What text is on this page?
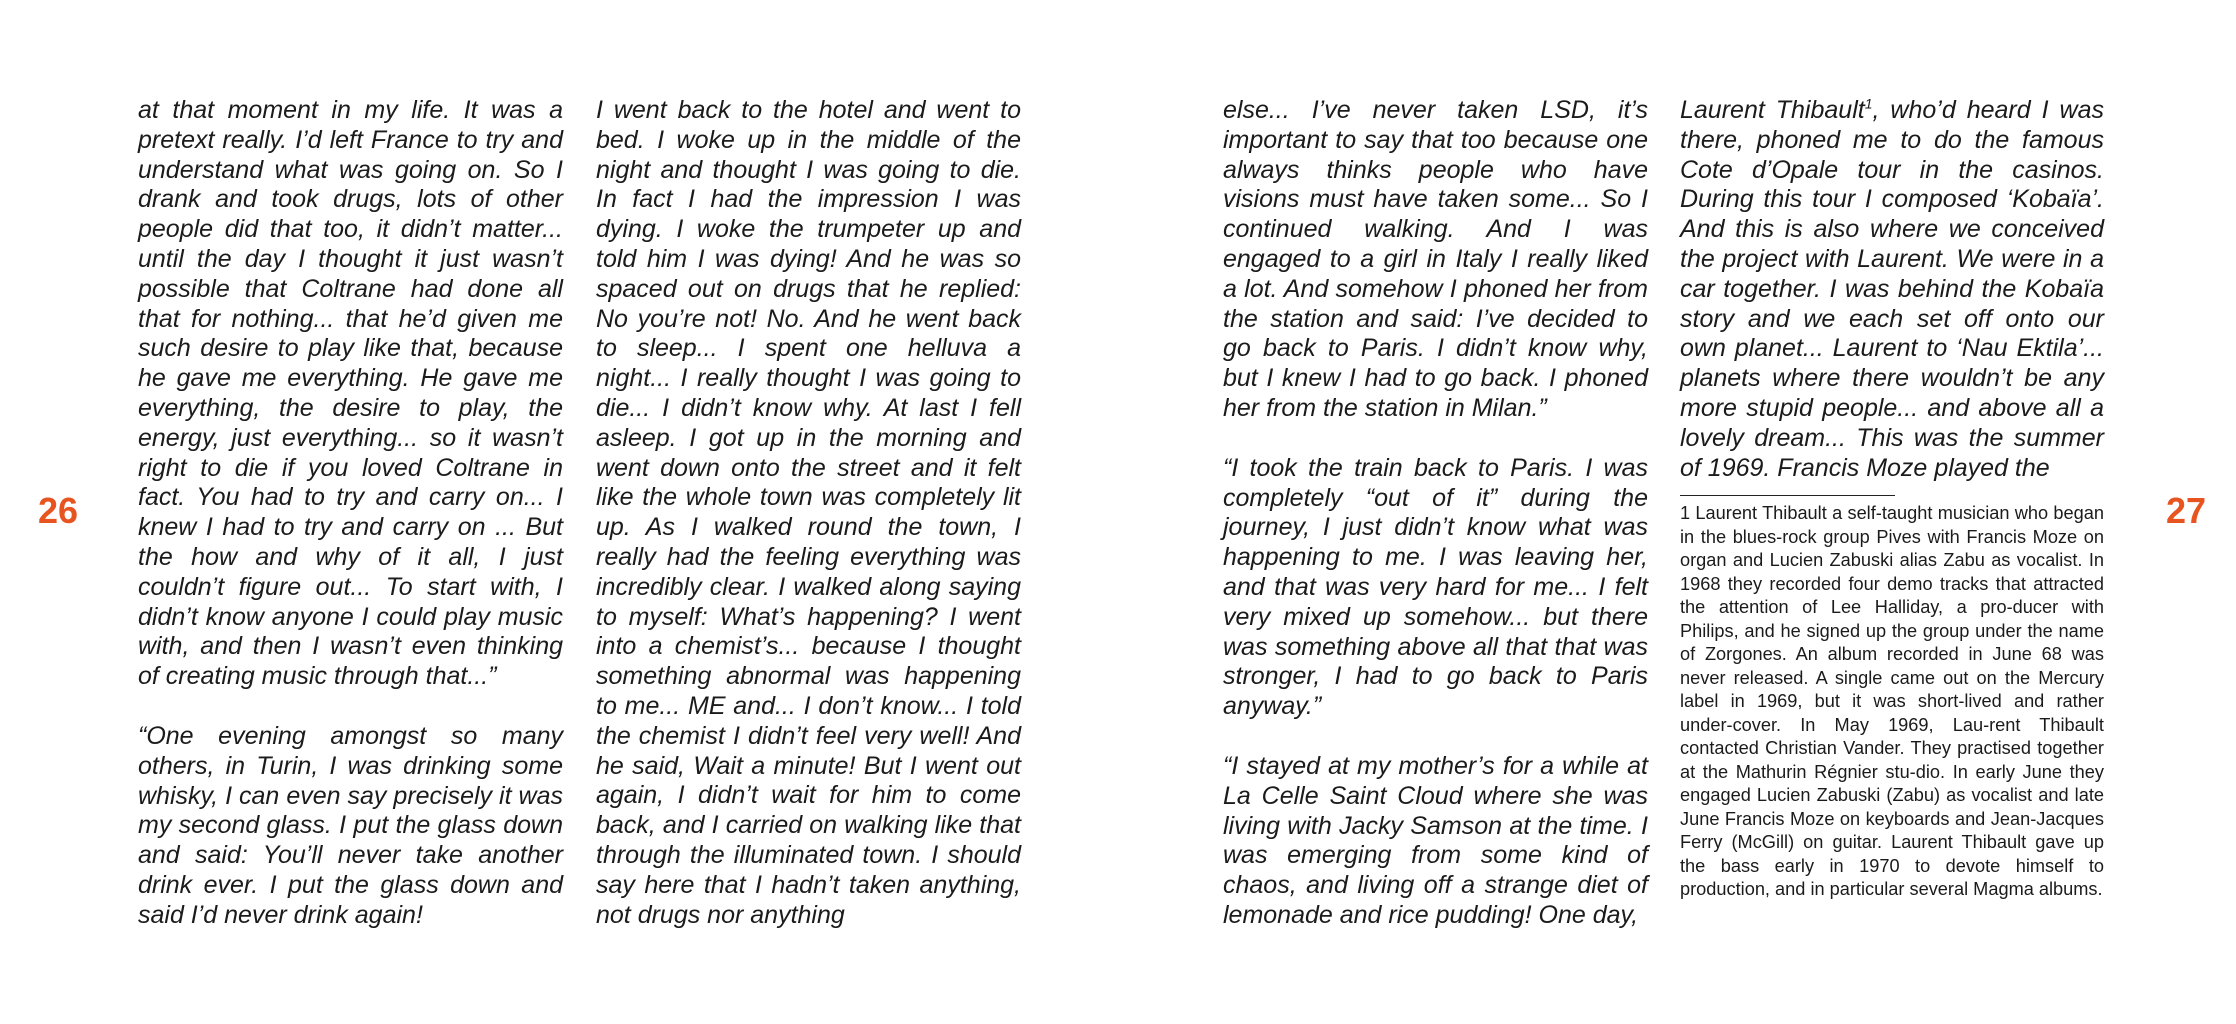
26	27

at that moment in my life. It was a pretext really. I’d left France to try and understand what was going on. So I drank and took drugs, lots of other people did that too, it didn’t matter... until the day I thought it just wasn’t possible that Coltrane had done all that for nothing... that he’d given me such desire to play like that, because he gave me everything. He gave me everything, the desire to play, the energy, just everything... so it wasn’t right to die if you loved Coltrane in fact. You had to try and carry on... I knew I had to try and carry on ... But the how and why of it all, I just couldn’t figure out... To start with, I didn’t know anyone I could play music with, and then I wasn’t even thinking of creating music through that...”

“One evening amongst so many others, in Turin, I was drinking some whisky, I can even say precisely it was my second glass. I put the glass down and said: You’ll never take another drink ever. I put the glass down and said I’d never drink again!

I went back to the hotel and went to bed. I woke up in the middle of the night and thought I was going to die. In fact I had the impression I was dying. I woke the trumpeter up and told him I was dying! And he was so spaced out on drugs that he replied: No you’re not! No. And he went back to sleep... I spent one helluva a night... I really thought I was going to die... I didn’t know why. At last I fell asleep. I got up in the morning and went down onto the street and it felt like the whole town was completely lit up. As I walked round the town, I really had the feeling everything was incredibly clear. I walked along saying to myself: What’s happening? I went into a chemist’s... because I thought something abnormal was happening to me... ME and... I don’t know... I told the chemist I didn’t feel very well! And he said, Wait a minute! But I went out again, I didn’t wait for him to come back, and I carried on walking like that through the illuminated town. I should say here that I hadn’t taken anything, not drugs nor anything

else... I’ve never taken LSD, it’s important to say that too because one always thinks people who have visions must have taken some... So I continued walking. And I was engaged to a girl in Italy I really liked a lot. And somehow I phoned her from the station and said: I’ve decided to go back to Paris. I didn’t know why, but I knew I had to go back. I phoned her from the station in Milan.”

“I took the train back to Paris. I was completely “out of it” during the journey, I just didn’t know what was happening to me. I was leaving her, and that was very hard for me... I felt very mixed up somehow... but there was something above all that that was stronger, I had to go back to Paris anyway.”

“I stayed at my mother’s for a while at La Celle Saint Cloud where she was living with Jacky Samson at the time. I was emerging from some kind of chaos, and living off a strange diet of lemonade and rice pudding! One day,

Laurent Thibault$^1$, who’d heard I was there, phoned me to do the famous Cote d’Opale tour in the casinos. During this tour I composed ‘Kobaïa’. And this is also where we conceived the project with Laurent. We were in a car together. I was behind the Kobaïa story and we each set off onto our own planet... Laurent to ‘Nau Ektila’... planets where there wouldn’t be any more stupid people... and above all a lovely dream... This was the summer of 1969. Francis Moze played the

1 Laurent Thibault a self-taught musician who began in the blues-rock group Pives with Francis Moze on organ and Lucien Zabuski alias Zabu as vocalist. In 1968 they recorded four demo tracks that attracted the attention of Lee Halliday, a pro-ducer with Philips, and he signed up the group under the name of Zorgones. An album recorded in June 68 was never released. A single came out on the Mercury label in 1969, but it was short-lived and rather under-cover. In May 1969, Lau-rent Thibault contacted Christian Vander. They practised together at the Mathurin Régnier stu-dio. In early June they engaged Lucien Zabuski (Zabu) as vocalist and late June Francis Moze on keyboards and Jean-Jacques Ferry (McGill) on guitar. Laurent Thibault gave up the bass early in 1970 to devote himself to production, and in particular several Magma albums.
